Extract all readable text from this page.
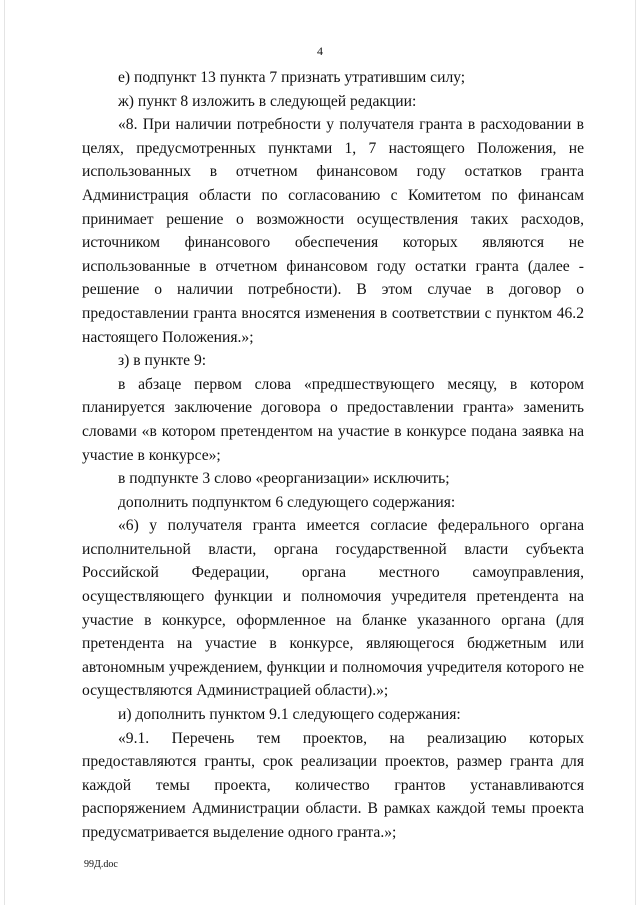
4

е) подпункт 13 пункта 7 признать утратившим силу;

ж) пункт 8 изложить в следующей редакции:

«8. При наличии потребности у получателя гранта в расходовании в целях, предусмотренных пунктами 1, 7 настоящего Положения, не использованных в отчетном финансовом году остатков гранта Администрация области по согласованию с Комитетом по финансам принимает решение о возможности осуществления таких расходов, источником финансового обеспечения которых являются не использованные в отчетном финансовом году остатки гранта (далее - решение о наличии потребности). В этом случае в договор о предоставлении гранта вносятся изменения в соответствии с пунктом 46.2 настоящего Положения.»;

з) в пункте 9:

в абзаце первом слова «предшествующего месяцу, в котором планируется заключение договора о предоставлении гранта» заменить словами «в котором претендентом на участие в конкурсе подана заявка на участие в конкурсе»;

в подпункте 3 слово «реорганизации» исключить;

дополнить подпунктом 6 следующего содержания:

«6) у получателя гранта имеется согласие федерального органа исполнительной власти, органа государственной власти субъекта Российской Федерации, органа местного самоуправления, осуществляющего функции и полномочия учредителя претендента на участие в конкурсе, оформленное на бланке указанного органа (для претендента на участие в конкурсе, являющегося бюджетным или автономным учреждением, функции и полномочия учредителя которого не осуществляются Администрацией области).»;

и) дополнить пунктом 9.1 следующего содержания:

«9.1. Перечень тем проектов, на реализацию которых предоставляются гранты, срок реализации проектов, размер гранта для каждой темы проекта, количество грантов устанавливаются распоряжением Администрации области. В рамках каждой темы проекта предусматривается выделение одного гранта.»;

99Д.doc
